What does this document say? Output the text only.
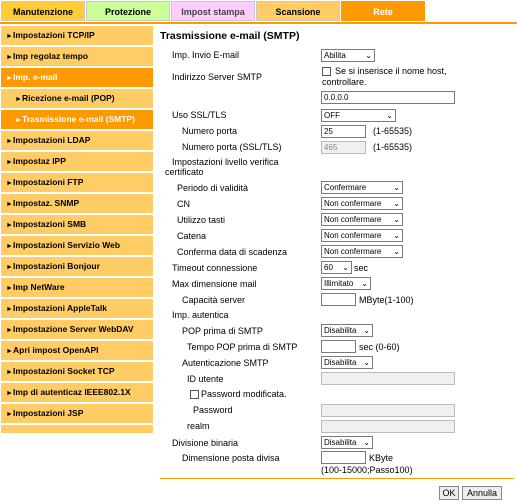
Manutenzione	Protezione	Impost stampa	Scansione	Rete
►Impostazioni TCP/IP
►Imp regolaz tempo
►Imp. e-mail
►Ricezione e-mail (POP)
►Trasmissione e-mail (SMTP)
►Impostazioni LDAP
►Impostaz IPP
►Impostazioni FTP
►Impostaz. SNMP
►Impostazioni SMB
►Impostazioni Servizio Web
►Impostazioni Bonjour
►Imp NetWare
►Impostazioni AppleTalk
►Impostazione Server WebDAV
►Apri impost OpenAPI
►Impostazioni Socket TCP
►Imp di autenticaz IEEE802.1X
►Impostazioni JSP
Trasmissione e-mail (SMTP)
Imp. Invio E-mail	Abilita ⌄
Indirizzo Server SMTP
Se si inserisce il nome host,
controllare.
0.0.0.0
Uso SSL/TLS	OFF	⌄
Numero porta	25	(1-65535)
Numero porta (SSL/TLS)	465	(1-65535)
Impostazioni livello verifica
certificato
Periodo di validità	Confermare	⌄
CN	Non confermare ⌄
Utilizzo tasti	Non confermare ⌄
Catena	Non confermare ⌄
Conferma data di scadenza	Non confermare ⌄
Timeout connessione	60 ⌄ sec
Max dimensione mail	Illimitato ⌄
Capacità server	MByte(1-100)
Imp. autentica
POP prima di SMTP	Disabilita ⌄
Tempo POP prima di SMTP	sec (0-60)
Autenticazione SMTP	Disabilita ⌄
ID utente
Password modificata.
Password
realm
Divisione binaria	Disabilita ⌄
Dimensione posta divisa	KByte
(100-15000;Passo100)
OK	Annulla
